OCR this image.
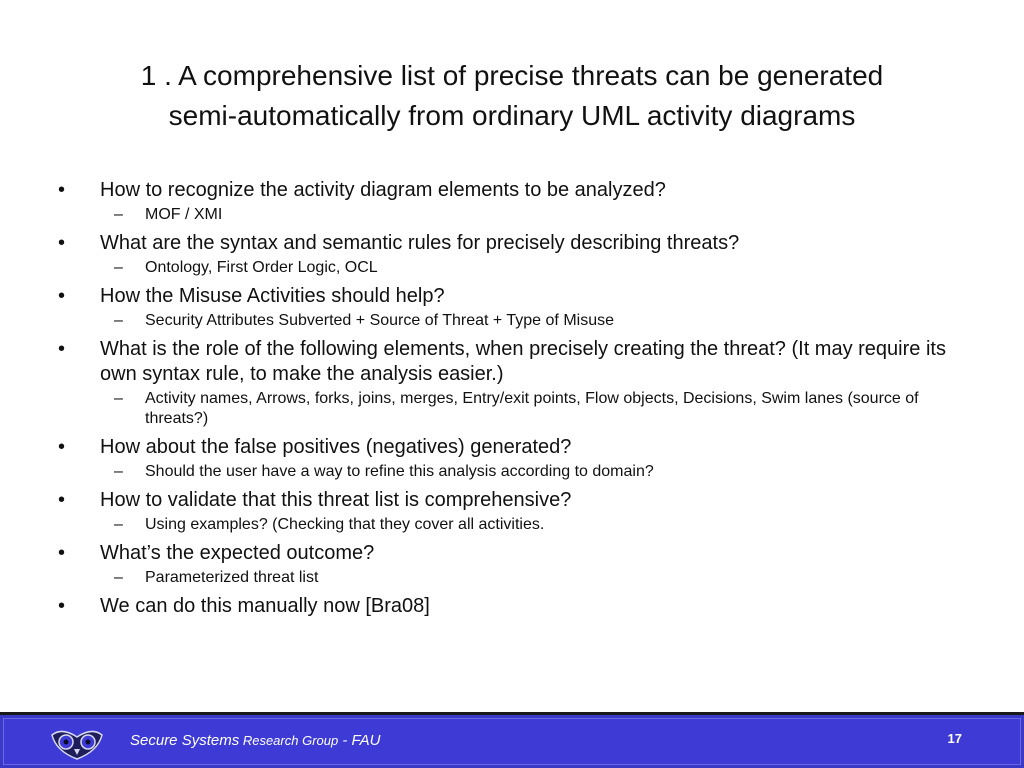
1 . A comprehensive list of precise threats can be generated
semi-automatically from ordinary UML activity diagrams
• How to recognize the activity diagram elements to be analyzed?
– MOF / XMI
• What are the syntax and semantic rules for precisely describing threats?
– Ontology, First Order Logic, OCL
• How the Misuse Activities should help?
– Security Attributes Subverted + Source of Threat + Type of Misuse
• What is the role of the following elements, when precisely creating the threat? (It may require its own syntax rule, to make the analysis easier.)
– Activity names, Arrows, forks, joins, merges, Entry/exit points, Flow objects, Decisions, Swim lanes (source of threats?)
• How about the false positives (negatives) generated?
– Should the user have a way to refine this analysis according to domain?
• How to validate that this threat list is comprehensive?
– Using examples? (Checking that they cover all activities.
• What’s the expected outcome?
– Parameterized threat list
• We can do this manually now [Bra08]
Secure Systems Research Group - FAU	17
